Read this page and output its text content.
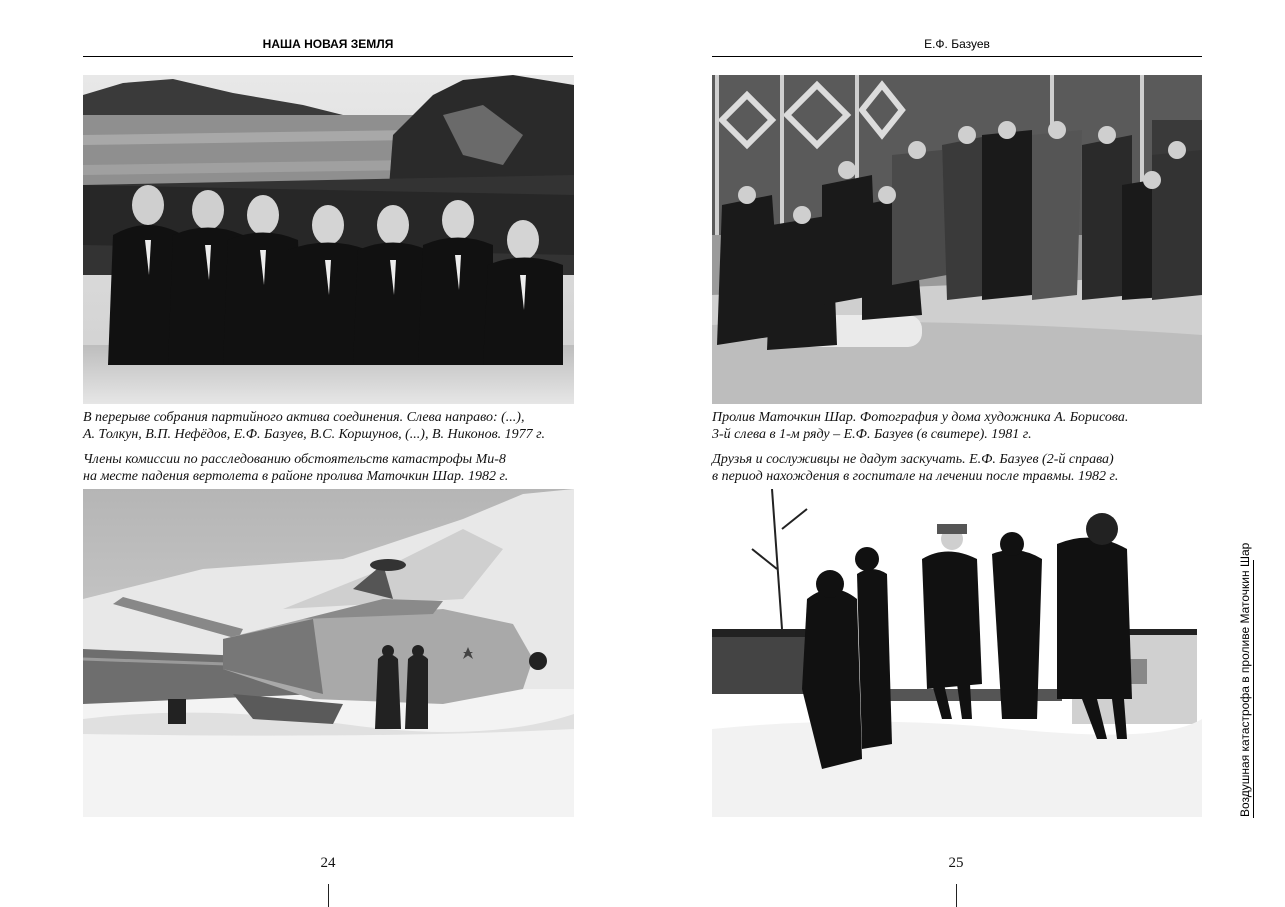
НАША НОВАЯ ЗЕМЛЯ
В перерыве собрания партийного актива соединения. Слева направо: (...),
А. Толкун, В.П. Нефёдов, Е.Ф. Базуев, В.С. Коршунов, (...), В. Никонов. 1977 г.
Члены комиссии по расследованию обстоятельств катастрофы Ми-8
на месте падения вертолета в районе пролива Маточкин Шар. 1982 г.
24
Е.Ф. Базуев
Пролив Маточкин Шар. Фотография у дома художника А. Борисова.
3-й слева в 1-м ряду – Е.Ф. Базуев (в свитере). 1981 г.
Друзья и сослуживцы не дадут заскучать. Е.Ф. Базуев (2-й справа)
в период нахождения в госпитале на лечении после травмы. 1982 г.
25
Воздушная катастрофа в проливе Маточкин Шар
